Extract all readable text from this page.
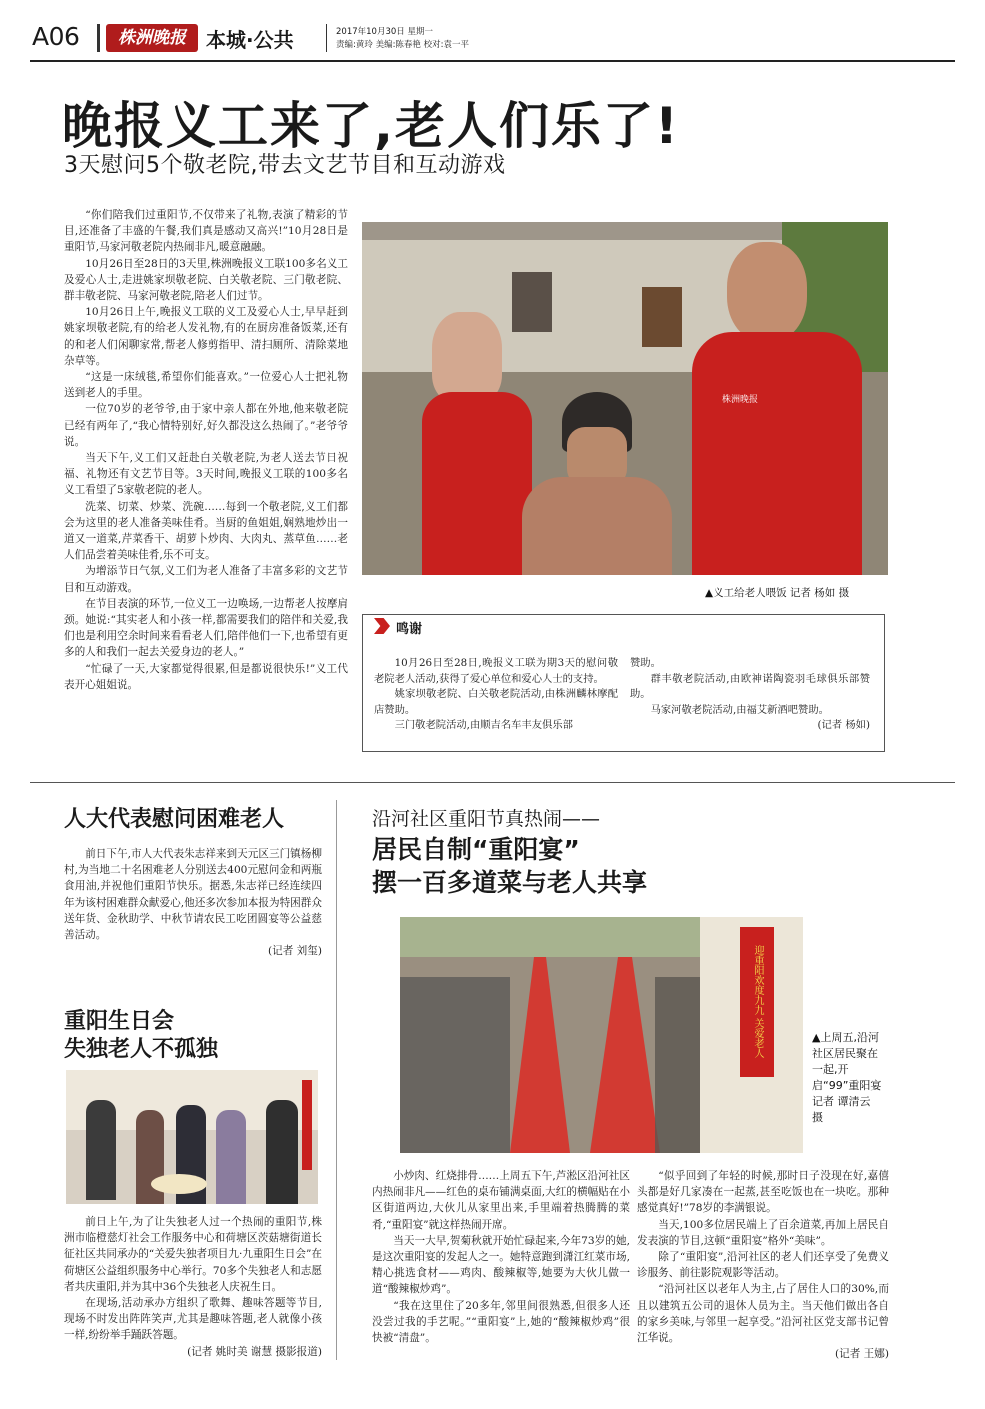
A06	株洲晚报	本城·公共	2017年10月30日 星期一
责编:黄玲 美编:陈春艳 校对:袁一平
晚报义工来了,老人们乐了!
3天慰问5个敬老院,带去文艺节目和互动游戏

“你们陪我们过重阳节,不仅带来了礼物,表演了精彩的节目,还准备了丰盛的午餐,我们真是感动又高兴!”10月28日是重阳节,马家河敬老院内热闹非凡,暖意融融。

10月26日至28日的3天里,株洲晚报义工联100多名义工及爱心人士,走进姚家坝敬老院、白关敬老院、三门敬老院、群丰敬老院、马家河敬老院,陪老人们过节。

10月26日上午,晚报义工联的义工及爱心人士,早早赶到姚家坝敬老院,有的给老人发礼物,有的在厨房准备饭菜,还有的和老人们闲聊家常,帮老人修剪指甲、清扫厕所、清除菜地杂草等。

“这是一床绒毯,希望你们能喜欢。”一位爱心人士把礼物送到老人的手里。

一位70岁的老爷爷,由于家中亲人都在外地,他来敬老院已经有两年了,“我心情特别好,好久都没这么热闹了。”老爷爷说。

当天下午,义工们又赶赴白关敬老院,为老人送去节日祝福、礼物还有文艺节目等。3天时间,晚报义工联的100多名义工看望了5家敬老院的老人。

洗菜、切菜、炒菜、洗碗……每到一个敬老院,义工们都会为这里的老人准备美味佳肴。当厨的鱼姐姐,娴熟地炒出一道又一道菜,芹菜香干、胡萝卜炒肉、大肉丸、蒸草鱼……老人们品尝着美味佳肴,乐不可支。

为增添节日气氛,义工们为老人准备了丰富多彩的文艺节目和互动游戏。

在节目表演的环节,一位义工一边唤场,一边帮老人按摩肩颈。她说:“其实老人和小孩一样,都需要我们的陪伴和关爱,我们也是利用空余时间来看看老人们,陪伴他们一下,也希望有更多的人和我们一起去关爱身边的老人。”

“忙碌了一天,大家都觉得很累,但是都说很快乐!”义工代表开心姐姐说。

株洲晚报
▲义工给老人喂饭 记者 杨如 摄
鸣谢

10月26日至28日,晚报义工联为期3天的慰问敬老院老人活动,获得了爱心单位和爱心人士的支持。

姚家坝敬老院、白关敬老院活动,由株洲麟林摩配店赞助。

三门敬老院活动,由顺吉名车丰友俱乐部

赞助。

群丰敬老院活动,由欧神诺陶瓷羽毛球俱乐部赞助。

马家河敬老院活动,由福艾新酒吧赞助。

(记者 杨如)

人大代表慰问困难老人

前日下午,市人大代表朱志祥来到天元区三门镇杨柳村,为当地二十名困难老人分别送去400元慰问金和两瓶食用油,并祝他们重阳节快乐。据悉,朱志祥已经连续四年为该村困难群众献爱心,他还多次参加本报为特困群众送年货、金秋助学、中秋节请农民工吃团圆宴等公益慈善活动。

(记者 刘玺)

重阳生日会
失独老人不孤独

前日上午,为了让失独老人过一个热闹的重阳节,株洲市临橙慈灯社会工作服务中心和荷塘区茨菇塘街道长征社区共同承办的“关爱失独者项目九·九重阳生日会”在荷塘区公益组织服务中心举行。70多个失独老人和志愿者共庆重阳,并为其中36个失独老人庆祝生日。

在现场,活动承办方组织了歌舞、趣味答题等节目,现场不时发出阵阵笑声,尤其是趣味答题,老人就像小孩一样,纷纷举手踊跃答题。

(记者 姚时美 谢慧 摄影报道)

沿河社区重阳节真热闹——
居民自制“重阳宴”
摆一百多道菜与老人共享
迎重阳欢度九九 关爱老人	▲上周五,沿河社区居民聚在一起,开启“99”重阳宴 记者 谭清云 摄

小炒肉、红烧排骨……上周五下午,芦淞区沿河社区内热闹非凡——红色的桌布铺满桌面,大红的横幅贴在小区街道两边,大伙儿从家里出来,手里端着热腾腾的菜肴,“重阳宴”就这样热闹开席。

当天一大早,贺菊秋就开始忙碌起来,今年73岁的她,是这次重阳宴的发起人之一。她特意跑到潇江红菜市场,精心挑选食材——鸡肉、酸辣椒等,她要为大伙儿做一道“酸辣椒炒鸡”。

“我在这里住了20多年,邻里间很熟悉,但很多人还没尝过我的手艺呢。”“重阳宴”上,她的“酸辣椒炒鸡”很快被“清盘”。

“似乎回到了年轻的时候,那时日子没现在好,嘉僖头都是好几家凑在一起蒸,甚至吃饭也在一块吃。那种感觉真好!”78岁的李满银说。

当天,100多位居民端上了百余道菜,再加上居民自发表演的节目,这顿“重阳宴”格外“美味”。

除了“重阳宴”,沿河社区的老人们还享受了免费义诊服务、前往影院观影等活动。

“沿河社区以老年人为主,占了居住人口的30%,而且以建筑五公司的退休人员为主。当天他们做出各自的家乡美味,与邻里一起享受。”沿河社区党支部书记曾江华说。

(记者 王娜)
